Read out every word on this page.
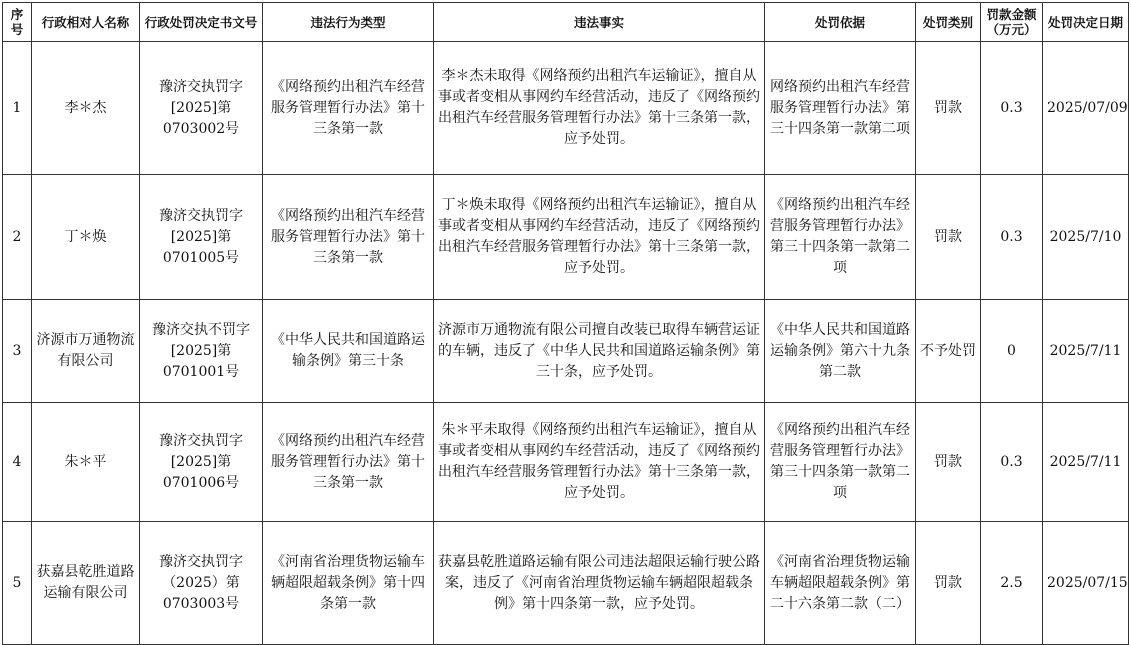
序号	行政相对人名称	行政处罚决定书文号	违法行为类型	违法事实	处罚依据	处罚类别	罚款金额（万元）	处罚决定日期
1	李＊杰	豫济交执罚字[2025]第0703002号	《网络预约出租汽车经营服务管理暂行办法》第十三条第一款	李＊杰未取得《网络预约出租汽车运输证》，擅自从事或者变相从事网约车经营活动，违反了《网络预约出租汽车经营服务管理暂行办法》第十三条第一款，应予处罚。	网络预约出租汽车经营服务管理暂行办法》第三十四条第一款第二项	罚款	0.3	2025/07/09
2	丁＊焕	豫济交执罚字[2025]第0701005号	《网络预约出租汽车经营服务管理暂行办法》第十三条第一款	丁＊焕未取得《网络预约出租汽车运输证》，擅自从事或者变相从事网约车经营活动，违反了《网络预约出租汽车经营服务管理暂行办法》第十三条第一款，应予处罚。	《网络预约出租汽车经营服务管理暂行办法》第三十四条第一款第二项	罚款	0.3	2025/7/10
3	济源市万通物流有限公司	豫济交执不罚字[2025]第0701001号	《中华人民共和国道路运输条例》第三十条	济源市万通物流有限公司擅自改装已取得车辆营运证的车辆，违反了《中华人民共和国道路运输条例》第三十条，应予处罚。	《中华人民共和国道路运输条例》第六十九条第二款	不予处罚	0	2025/7/11
4	朱＊平	豫济交执罚字[2025]第0701006号	《网络预约出租汽车经营服务管理暂行办法》第十三条第一款	朱＊平未取得《网络预约出租汽车运输证》，擅自从事或者变相从事网约车经营活动，违反了《网络预约出租汽车经营服务管理暂行办法》第十三条第一款，应予处罚。	《网络预约出租汽车经营服务管理暂行办法》第三十四条第一款第二项	罚款	0.3	2025/7/11
5	获嘉县乾胜道路运输有限公司	豫济交执罚字（2025）第0703003号	《河南省治理货物运输车辆超限超载条例》第十四条第一款	获嘉县乾胜道路运输有限公司违法超限运输行驶公路案，违反了《河南省治理货物运输车辆超限超载条例》第十四条第一款，应予处罚。	《河南省治理货物运输车辆超限超载条例》第二十六条第二款（二）	罚款	2.5	2025/07/15
